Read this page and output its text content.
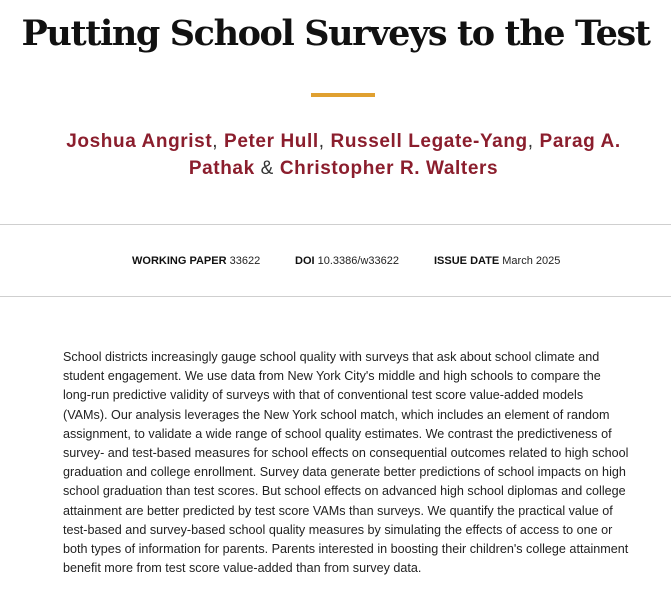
Putting School Surveys to the Test
Joshua Angrist, Peter Hull, Russell Legate-Yang, Parag A. Pathak & Christopher R. Walters
WORKING PAPER 33622	DOI 10.3386/w33622	ISSUE DATE March 2025

School districts increasingly gauge school quality with surveys that ask about school climate and student engagement. We use data from New York City's middle and high schools to compare the long-run predictive validity of surveys with that of conventional test score value-added models (VAMs). Our analysis leverages the New York school match, which includes an element of random assignment, to validate a wide range of school quality estimates. We contrast the predictiveness of survey- and test-based measures for school effects on consequential outcomes related to high school graduation and college enrollment. Survey data generate better predictions of school impacts on high school graduation than test scores. But school effects on advanced high school diplomas and college attainment are better predicted by test score VAMs than surveys. We quantify the practical value of test-based and survey-based school quality measures by simulating the effects of access to one or both types of information for parents. Parents interested in boosting their children's college attainment benefit more from test score value-added than from survey data.
